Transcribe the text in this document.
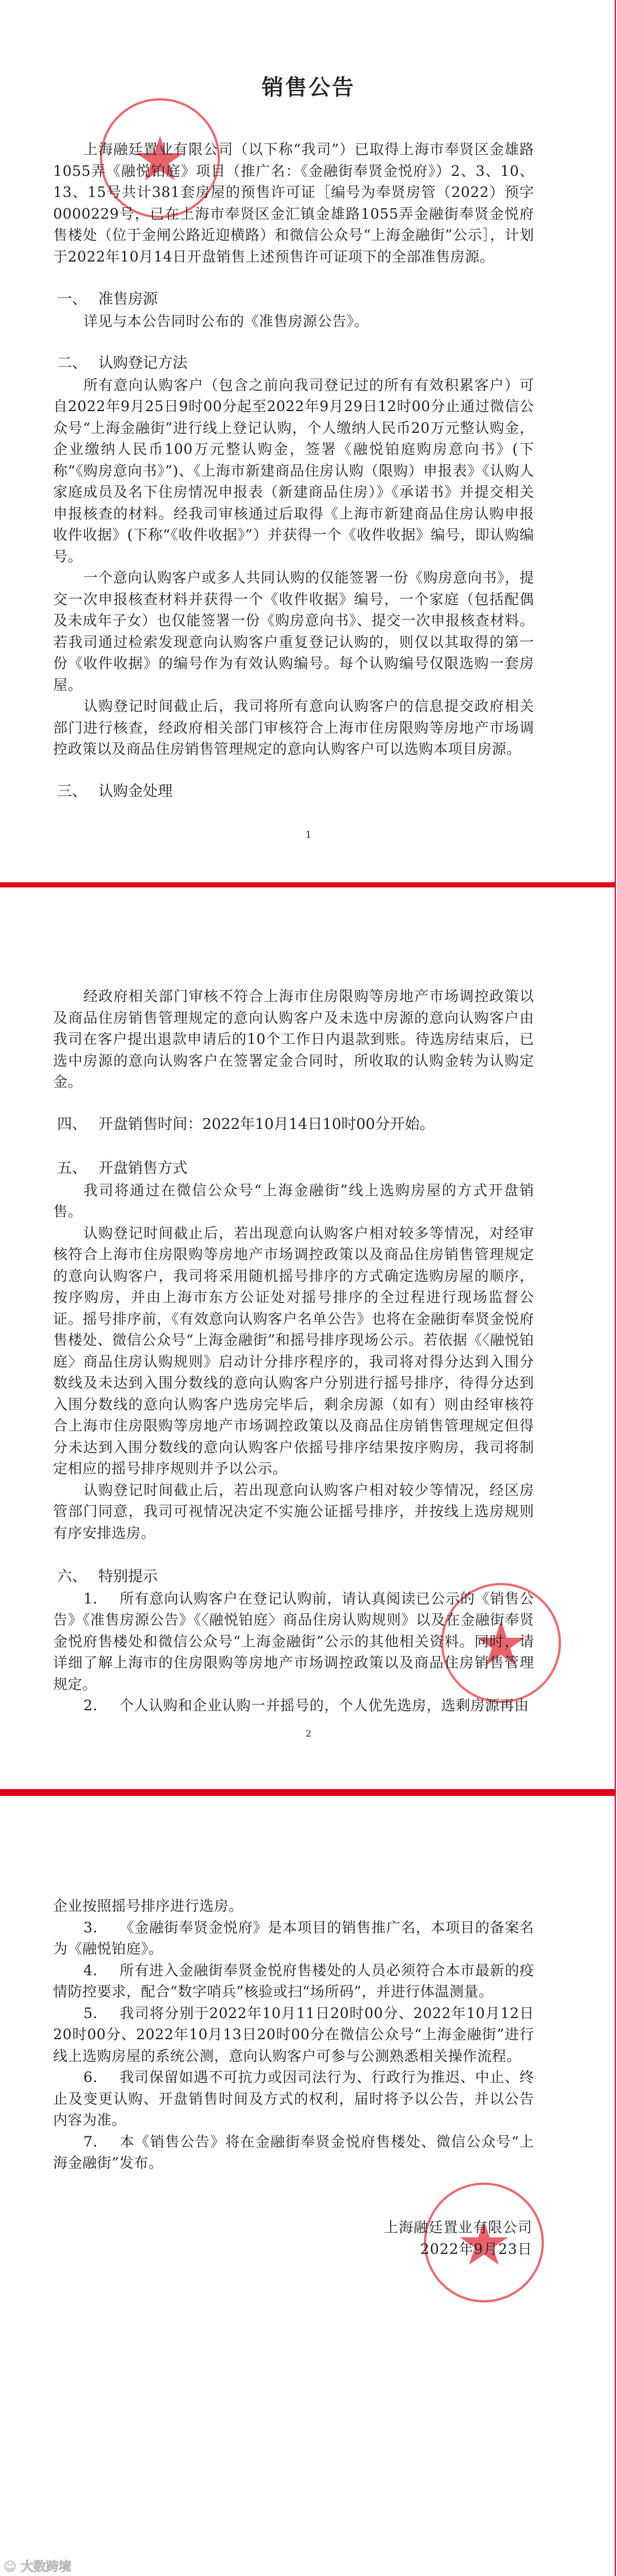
销售公告

上海融廷置业有限公司（以下称“我司”）已取得上海市奉贤区金雄路1055弄《融悦铂庭》项目（推广名：《金融街奉贤金悦府》）2、3、10、13、15号共计381套房屋的预售许可证［编号为奉贤房管（2022）预字0000229号，已在上海市奉贤区金汇镇金雄路1055弄金融街奉贤金悦府售楼处（位于金闸公路近迎横路）和微信公众号“上海金融街”公示］，计划于2022年10月14日开盘销售上述预售许可证项下的全部准售房源。

一、 准售房源

详见与本公告同时公布的《准售房源公告》。

二、 认购登记方法

所有意向认购客户（包含之前向我司登记过的所有有效积累客户）可自2022年9月25日9时00分起至2022年9月29日12时00分止通过微信公众号“上海金融街”进行线上登记认购，个人缴纳人民币20万元整认购金，企业缴纳人民币100万元整认购金，签署《融悦铂庭购房意向书》(下称“《购房意向书》”)、《上海市新建商品住房认购（限购）申报表》《认购人家庭成员及名下住房情况申报表（新建商品住房）》《承诺书》并提交相关申报核查的材料。经我司审核通过后取得《上海市新建商品住房认购申报收件收据》(下称“《收件收据》”）并获得一个《收件收据》编号，即认购编号。

一个意向认购客户或多人共同认购的仅能签署一份《购房意向书》，提交一次申报核查材料并获得一个《收件收据》编号，一个家庭（包括配偶及未成年子女）也仅能签署一份《购房意向书》、提交一次申报核查材料。若我司通过检索发现意向认购客户重复登记认购的，则仅以其取得的第一份《收件收据》的编号作为有效认购编号。每个认购编号仅限选购一套房屋。

认购登记时间截止后，我司将所有意向认购客户的信息提交政府相关部门进行核查，经政府相关部门审核符合上海市住房限购等房地产市场调控政策以及商品住房销售管理规定的意向认购客户可以选购本项目房源。

三、 认购金处理
1

经政府相关部门审核不符合上海市住房限购等房地产市场调控政策以及商品住房销售管理规定的意向认购客户及未选中房源的意向认购客户由我司在客户提出退款申请后的10个工作日内退款到账。待选房结束后，已选中房源的意向认购客户在签署定金合同时，所收取的认购金转为认购定金。

四、 开盘销售时间：2022年10月14日10时00分开始。
五、 开盘销售方式

我司将通过在微信公众号“上海金融街”线上选购房屋的方式开盘销售。

认购登记时间截止后，若出现意向认购客户相对较多等情况，对经审核符合上海市住房限购等房地产市场调控政策以及商品住房销售管理规定的意向认购客户，我司将采用随机摇号排序的方式确定选购房屋的顺序，按序购房，并由上海市东方公证处对摇号排序的全过程进行现场监督公证。摇号排序前，《有效意向认购客户名单公告》也将在金融街奉贤金悦府售楼处、微信公众号“上海金融街”和摇号排序现场公示。若依据《〈融悦铂庭〉商品住房认购规则》启动计分排序程序的，我司将对得分达到入围分数线及未达到入围分数线的意向认购客户分别进行摇号排序，待得分达到入围分数线的意向认购客户选房完毕后，剩余房源（如有）则由经审核符合上海市住房限购等房地产市场调控政策以及商品住房销售管理规定但得分未达到入围分数线的意向认购客户依摇号排序结果按序购房，我司将制定相应的摇号排序规则并予以公示。

认购登记时间截止后，若出现意向认购客户相对较少等情况，经区房管部门同意，我司可视情况决定不实施公证摇号排序，并按线上选房规则有序安排选房。

六、 特别提示

1. 所有意向认购客户在登记认购前，请认真阅读已公示的《销售公告》《准售房源公告》《〈融悦铂庭〉商品住房认购规则》以及在金融街奉贤金悦府售楼处和微信公众号“上海金融街”公示的其他相关资料。同时，请详细了解上海市的住房限购等房地产市场调控政策以及商品住房销售管理规定。

2. 个人认购和企业认购一并摇号的，个人优先选房，选剩房源再由

2

企业按照摇号排序进行选房。

3. 《金融街奉贤金悦府》是本项目的销售推广名，本项目的备案名为《融悦铂庭》。

4. 所有进入金融街奉贤金悦府售楼处的人员必须符合本市最新的疫情防控要求，配合“数字哨兵”核验或扫“场所码”，并进行体温测量。

5. 我司将分别于2022年10月11日20时00分、2022年10月12日20时00分、2022年10月13日20时00分在微信公众号“上海金融街”进行线上选购房屋的系统公测，意向认购客户可参与公测熟悉相关操作流程。

6. 我司保留如遇不可抗力或因司法行为、行政行为推迟、中止、终止及变更认购、开盘销售时间及方式的权利，届时将予以公告，并以公告内容为准。

7. 本《销售公告》将在金融街奉贤金悦府售楼处、微信公众号“上海金融街”发布。

上海融廷置业有限公司
2022年9月23日
☺ 大数跨境
